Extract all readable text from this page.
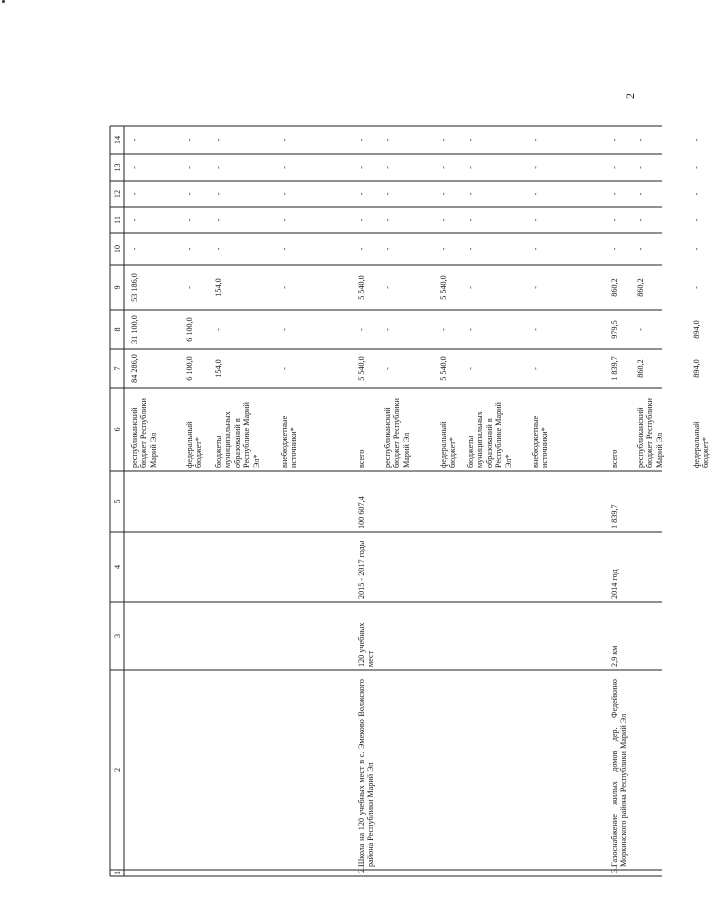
2
1
2
3
4
5
6
7
8
9
10
11
12
13
14
республиканский бюджет Республики Марий Эл
84 286,0
31 100,0
53 186,0
-
-
-
-
-
федеральный бюджет*
6 100,0
6 100,0
-
-
-
-
-
-
бюджеты муниципальных образований в Республике Марий Эл*
154,0
-
154,0
-
-
-
-
-
внебюджетные источники*
-
-
-
-
-
-
-
-
2.
Школа на 120 учебных мест в с. Эмеково Волжского района Республики Марий Эл
120 учебных мест
2015 - 2017 годы
100 607,4
всего
5 540,0
-
5 540,0
-
-
-
-
-
республиканский бюджет Республики Марий Эл
-
-
-
-
-
-
-
-
федеральный бюджет*
5 540,0
-
5 540,0
-
-
-
-
-
бюджеты муниципальных образований в Республике Марий Эл*
-
-
-
-
-
-
-
-
внебюджетные источники*
-
-
-
-
-
-
-
-
3.
Газоснабжение жилых домов дер. Федейкино Моркинского района Республики Марий Эл
2,9 км
2014 год
1 839,7
всего
1 839,7
979,5
860,2
-
-
-
-
-
республиканский бюджет Республики Марий Эл
860,2
-
860,2
-
-
-
-
-
федеральный бюджет*
894,0
894,0
-
-
-
-
-
-
